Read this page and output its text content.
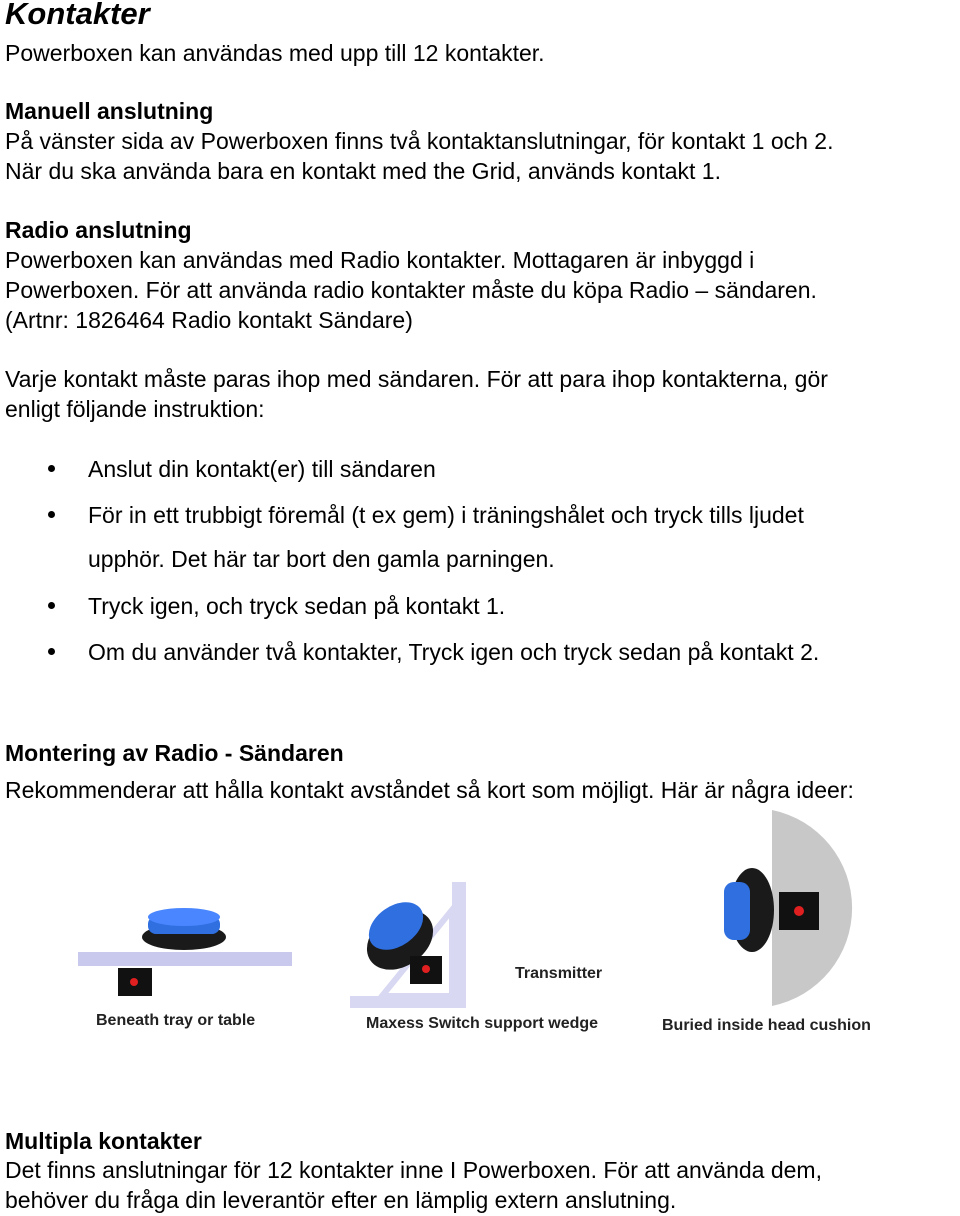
Kontakter
Powerboxen kan användas med upp till 12 kontakter.
Manuell anslutning
På vänster sida av Powerboxen finns två kontaktanslutningar, för kontakt 1 och 2.
När du ska använda bara en kontakt med the Grid, används kontakt 1.
Radio anslutning
Powerboxen kan användas med Radio kontakter. Mottagaren är inbyggd i
Powerboxen. För att använda radio kontakter måste du köpa Radio – sändaren.
(Artnr: 1826464 Radio kontakt Sändare)
Varje kontakt måste paras ihop med sändaren. För att para ihop kontakterna, gör
enligt följande instruktion:
Anslut din kontakt(er) till sändaren
För in ett trubbigt föremål (t ex gem) i träningshålet och tryck tills ljudet
upphör. Det här tar bort den gamla parningen.
Tryck igen, och tryck sedan på kontakt 1.
Om du använder två kontakter, Tryck igen och tryck sedan på kontakt 2.
Montering av Radio - Sändaren
Rekommenderar att hålla kontakt avståndet så kort som möjligt. Här är några ideer:
Beneath tray or table
Transmitter
Maxess Switch support wedge	Buried inside head cushion
Multipla kontakter
Det finns anslutningar för 12 kontakter inne I Powerboxen. För att använda dem,
behöver du fråga din leverantör efter en lämplig extern anslutning.
